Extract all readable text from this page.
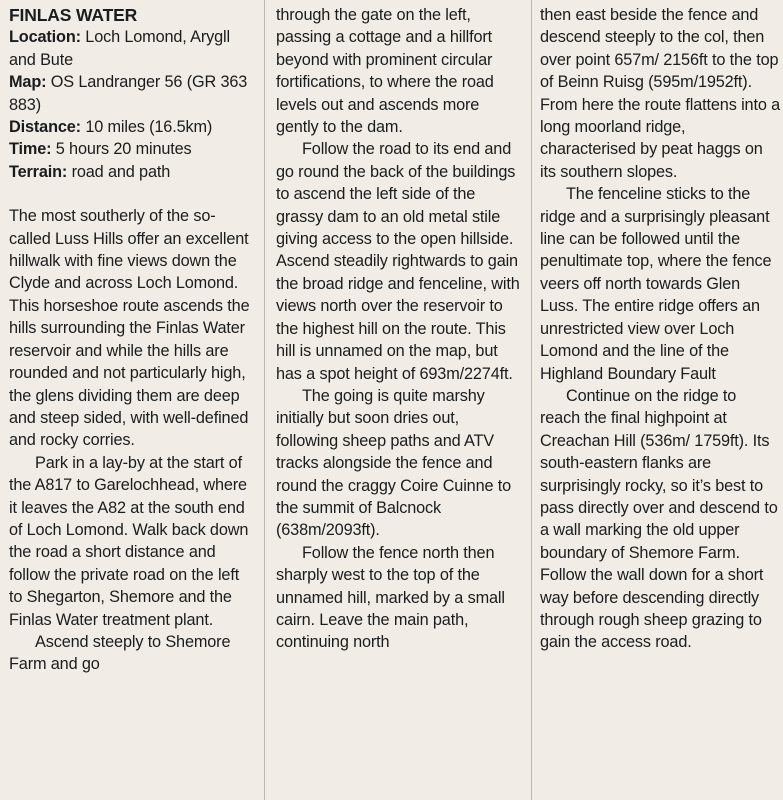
FINLAS WATER

Location: Loch Lomond, Arygll and Bute

Map: OS Landranger 56 (GR 363 883)

Distance: 10 miles (16.5km)

Time: 5 hours 20 minutes

Terrain: road and path

The most southerly of the so-called Luss Hills offer an excellent hillwalk with fine views down the Clyde and across Loch Lomond. This horseshoe route ascends the hills surrounding the Finlas Water reservoir and while the hills are rounded and not particularly high, the glens dividing them are deep and steep sided, with well-defined and rocky corries.

Park in a lay-by at the start of the A817 to Garelochhead, where it leaves the A82 at the south end of Loch Lomond. Walk back down the road a short distance and follow the private road on the left to Shegarton, Shemore and the Finlas Water treatment plant.

Ascend steeply to Shemore Farm and go

through the gate on the left, passing a cottage and a hillfort beyond with prominent circular fortifications, to where the road levels out and ascends more gently to the dam.

Follow the road to its end and go round the back of the buildings to ascend the left side of the grassy dam to an old metal stile giving access to the open hillside. Ascend steadily rightwards to gain the broad ridge and fenceline, with views north over the reservoir to the highest hill on the route. This hill is unnamed on the map, but has a spot height of 693m/2274ft.

The going is quite marshy initially but soon dries out, following sheep paths and ATV tracks alongside the fence and round the craggy Coire Cuinne to the summit of Balcnock (638m/2093ft).

Follow the fence north then sharply west to the top of the unnamed hill, marked by a small cairn. Leave the main path, continuing north

then east beside the fence and descend steeply to the col, then over point 657m/ 2156ft to the top of Beinn Ruisg (595m/1952ft). From here the route flattens into a long moorland ridge, characterised by peat haggs on its southern slopes.

The fenceline sticks to the ridge and a surprisingly pleasant line can be followed until the penultimate top, where the fence veers off north towards Glen Luss. The entire ridge offers an unrestricted view over Loch Lomond and the line of the Highland Boundary Fault

Continue on the ridge to reach the final highpoint at Creachan Hill (536m/ 1759ft). Its south-eastern flanks are surprisingly rocky, so it’s best to pass directly over and descend to a wall marking the old upper boundary of Shemore Farm. Follow the wall down for a short way before descending directly through rough sheep grazing to gain the access road.
